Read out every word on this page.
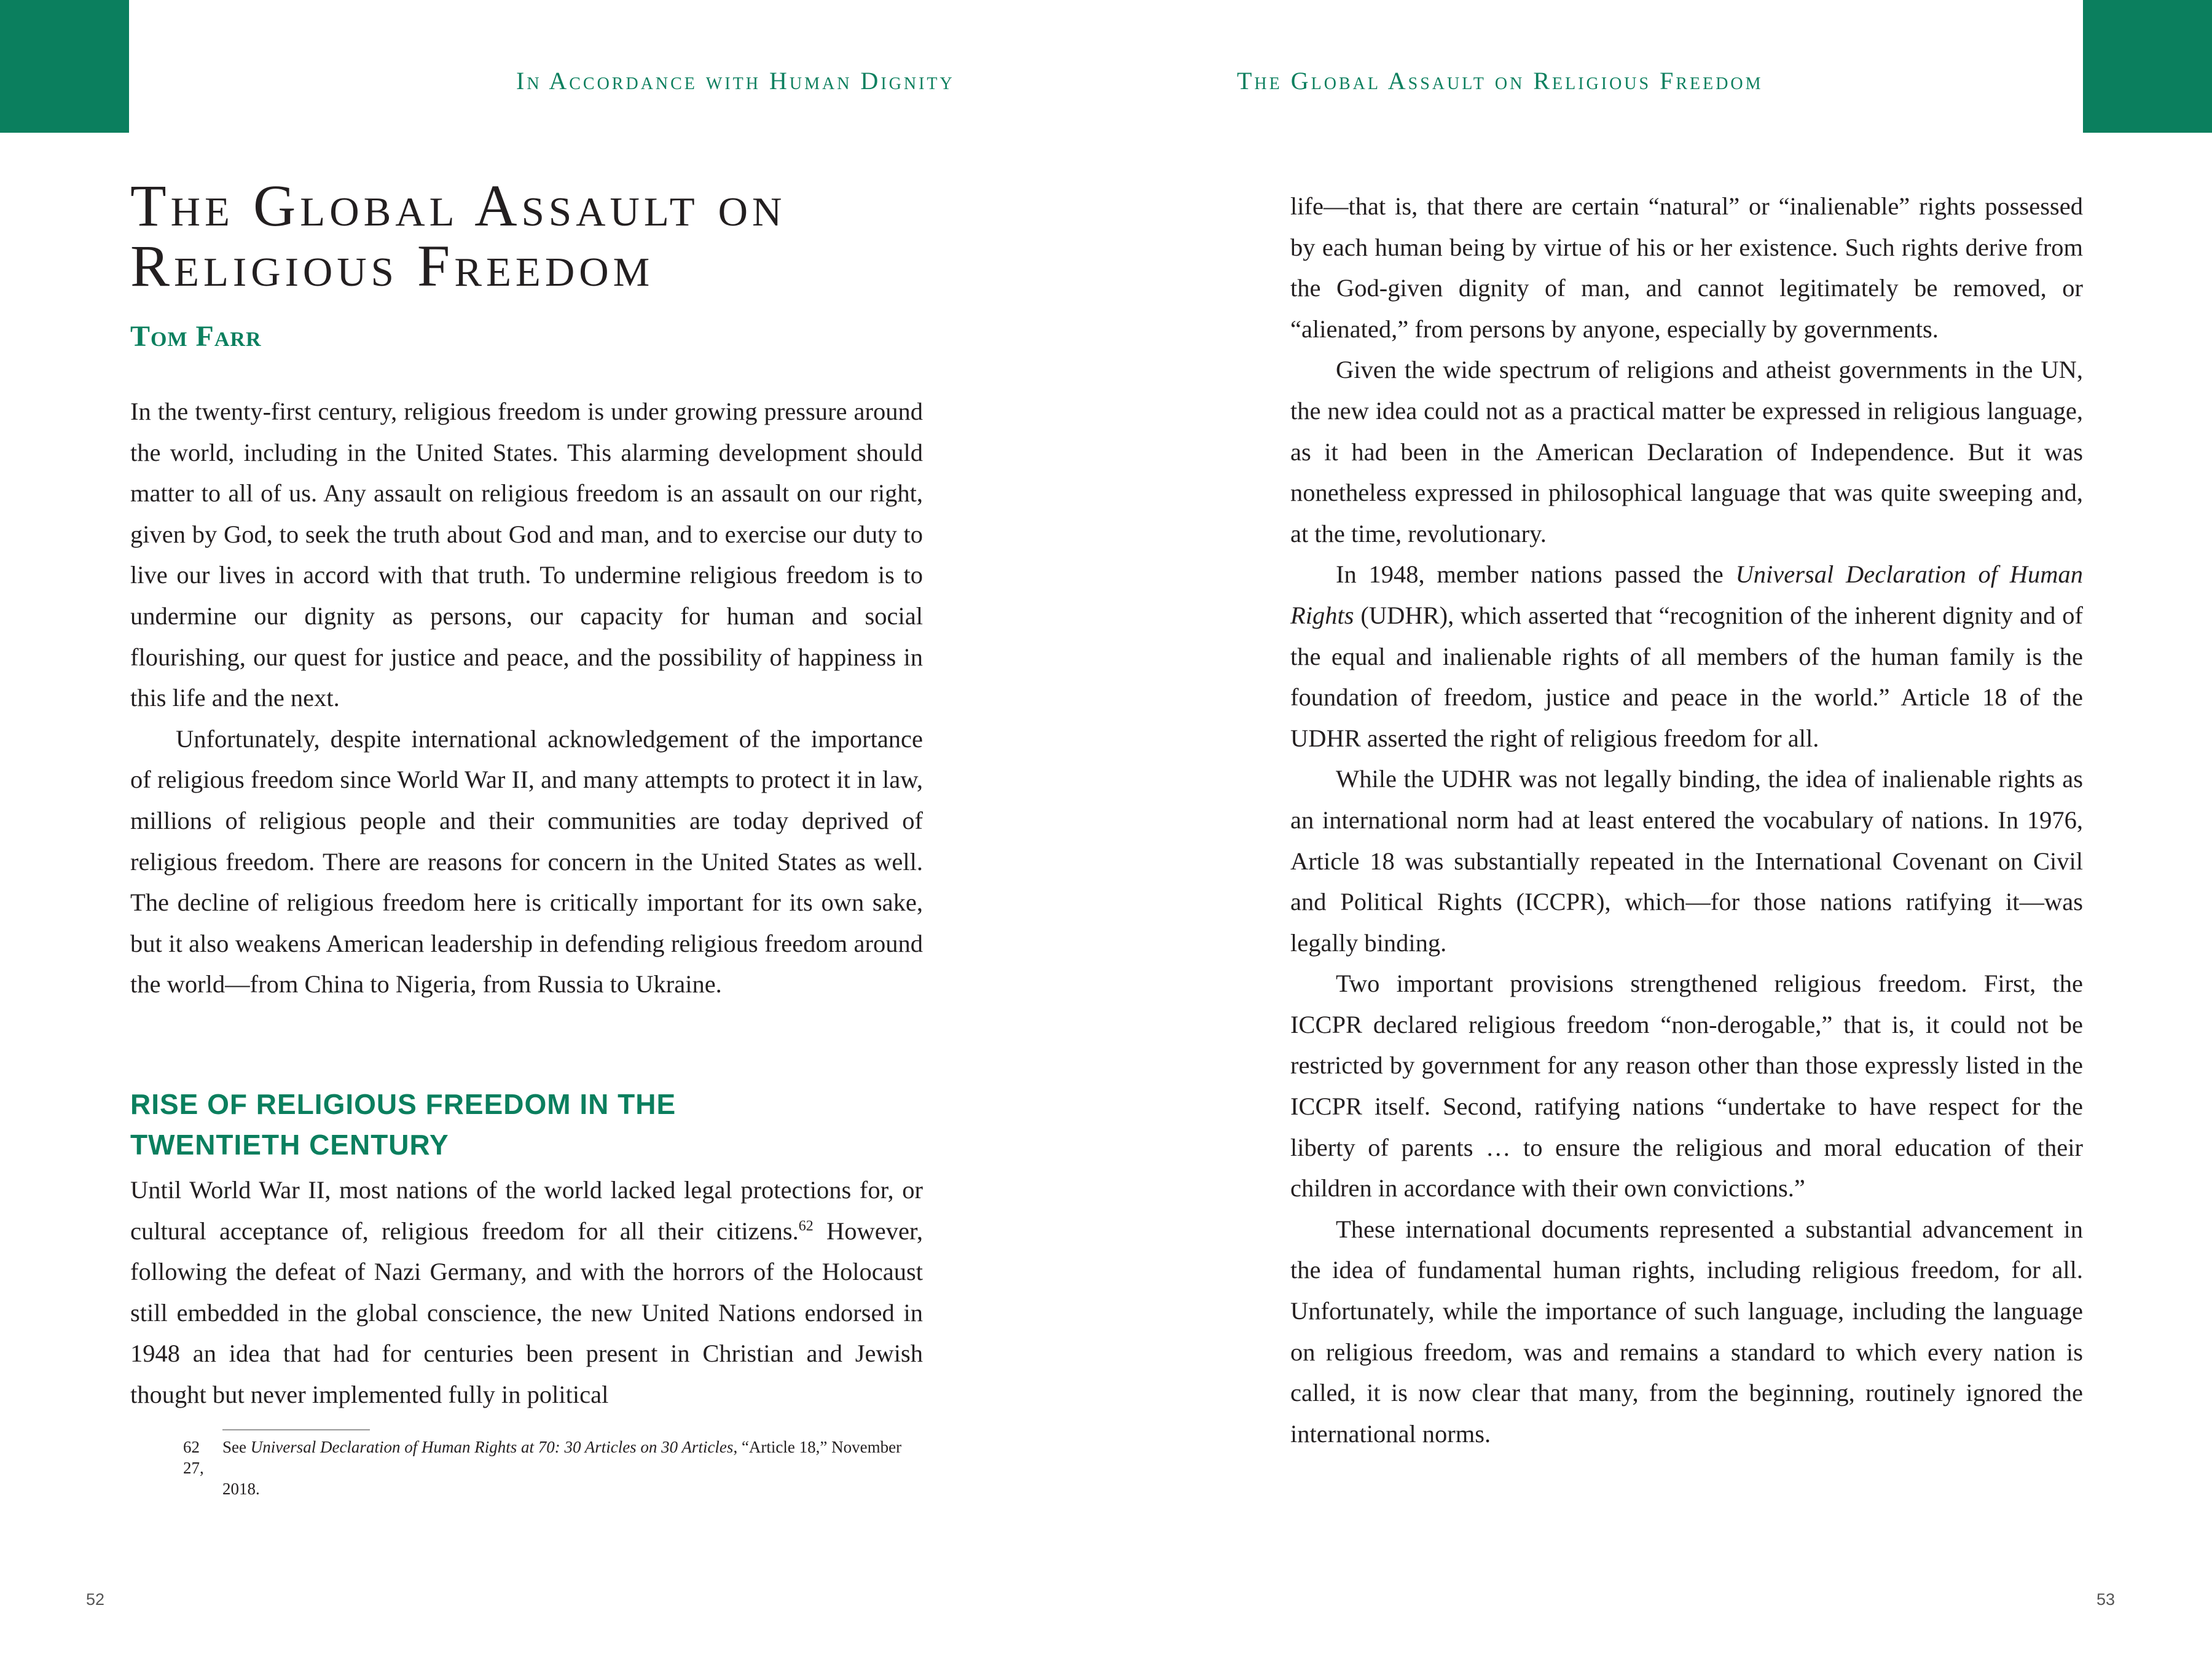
In Accordance with Human Dignity	The Global Assault on Religious Freedom
The Global Assault on
Religious Freedom
Tom Farr

In the twenty-first century, religious freedom is under growing pressure around the world, including in the United States. This alarming development should matter to all of us. Any assault on religious freedom is an assault on our right, given by God, to seek the truth about God and man, and to exercise our duty to live our lives in accord with that truth. To undermine religious freedom is to undermine our dignity as persons, our capacity for human and social flourishing, our quest for justice and peace, and the possibility of happiness in this life and the next.

Unfortunately, despite international acknowledgement of the importance of religious freedom since World War II, and many attempts to protect it in law, millions of religious people and their communities are today deprived of religious freedom. There are reasons for concern in the United States as well. The decline of religious freedom here is critically important for its own sake, but it also weakens American leadership in defending religious freedom around the world—from China to Nigeria, from Russia to Ukraine.

RISE OF RELIGIOUS FREEDOM IN THE
TWENTIETH CENTURY

Until World War II, most nations of the world lacked legal protections for, or cultural acceptance of, religious freedom for all their citizens.$^{62}$ However, following the defeat of Nazi Germany, and with the horrors of the Holocaust still embedded in the global conscience, the new United Nations endorsed in 1948 an idea that had for centuries been present in Christian and Jewish thought but never implemented fully in political

62 See Universal Declaration of Human Rights at 70: 30 Articles on 30 Articles, “Article 18,” November 27,
2018.

life—that is, that there are certain “natural” or “inalienable” rights possessed by each human being by virtue of his or her existence. Such rights derive from the God-given dignity of man, and cannot legitimately be removed, or “alienated,” from persons by anyone, especially by governments.

Given the wide spectrum of religions and atheist governments in the UN, the new idea could not as a practical matter be expressed in religious language, as it had been in the American Declaration of Independence. But it was nonetheless expressed in philosophical language that was quite sweeping and, at the time, revolutionary.

In 1948, member nations passed the Universal Declaration of Human Rights (UDHR), which asserted that “recognition of the inherent dignity and of the equal and inalienable rights of all members of the human family is the foundation of freedom, justice and peace in the world.” Article 18 of the UDHR asserted the right of religious freedom for all.

While the UDHR was not legally binding, the idea of inalienable rights as an international norm had at least entered the vocabulary of nations. In 1976, Article 18 was substantially repeated in the International Covenant on Civil and Political Rights (ICCPR), which—for those nations ratifying it—was legally binding.

Two important provisions strengthened religious freedom. First, the ICCPR declared religious freedom “non-derogable,” that is, it could not be restricted by government for any reason other than those expressly listed in the ICCPR itself. Second, ratifying nations “undertake to have respect for the liberty of parents … to ensure the religious and moral education of their children in accordance with their own convictions.”

These international documents represented a substantial advancement in the idea of fundamental human rights, including religious freedom, for all. Unfortunately, while the importance of such language, including the language on religious freedom, was and remains a standard to which every nation is called, it is now clear that many, from the beginning, routinely ignored the international norms.

52	53
